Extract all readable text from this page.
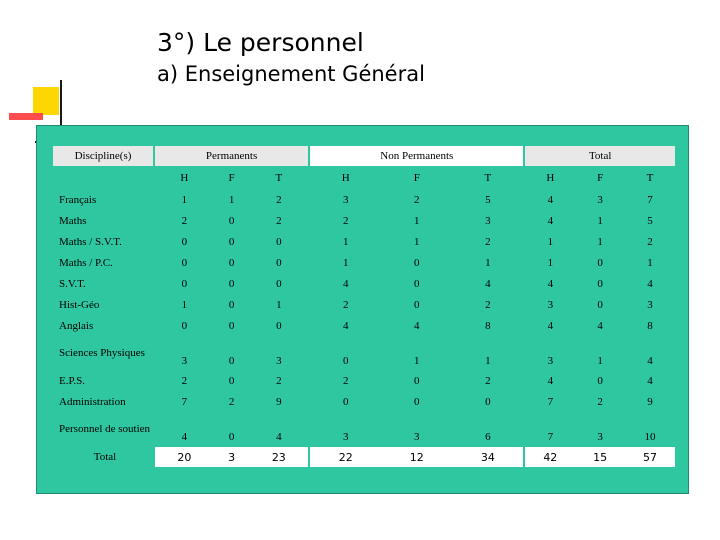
3°) Le personnel
a) Enseignement Général
Discipline(s)		Permanents				Non Permanents				Total		
		H	F	T		H	F	T		H	F	T
Français		1	1	2		3	2	5		4	3	7
Maths		2	0	2		2	1	3		4	1	5
Maths / S.V.T.		0	0	0		1	1	2		1	1	2
Maths / P.C.		0	0	0		1	0	1		1	0	1
S.V.T.		0	0	0		4	0	4		4	0	4
Hist-Géo		1	0	1		2	0	2		3	0	3
Anglais		0	0	0		4	4	8		4	4	8
Sciences Physiques		3	0	3		0	1	1		3	1	4
E.P.S.		2	0	2		2	0	2		4	0	4
Administration		7	2	9		0	0	0		7	2	9
Personnel de soutien		4	0	4		3	3	6		7	3	10
Total		20	3	23		22	12	34		42	15	57
